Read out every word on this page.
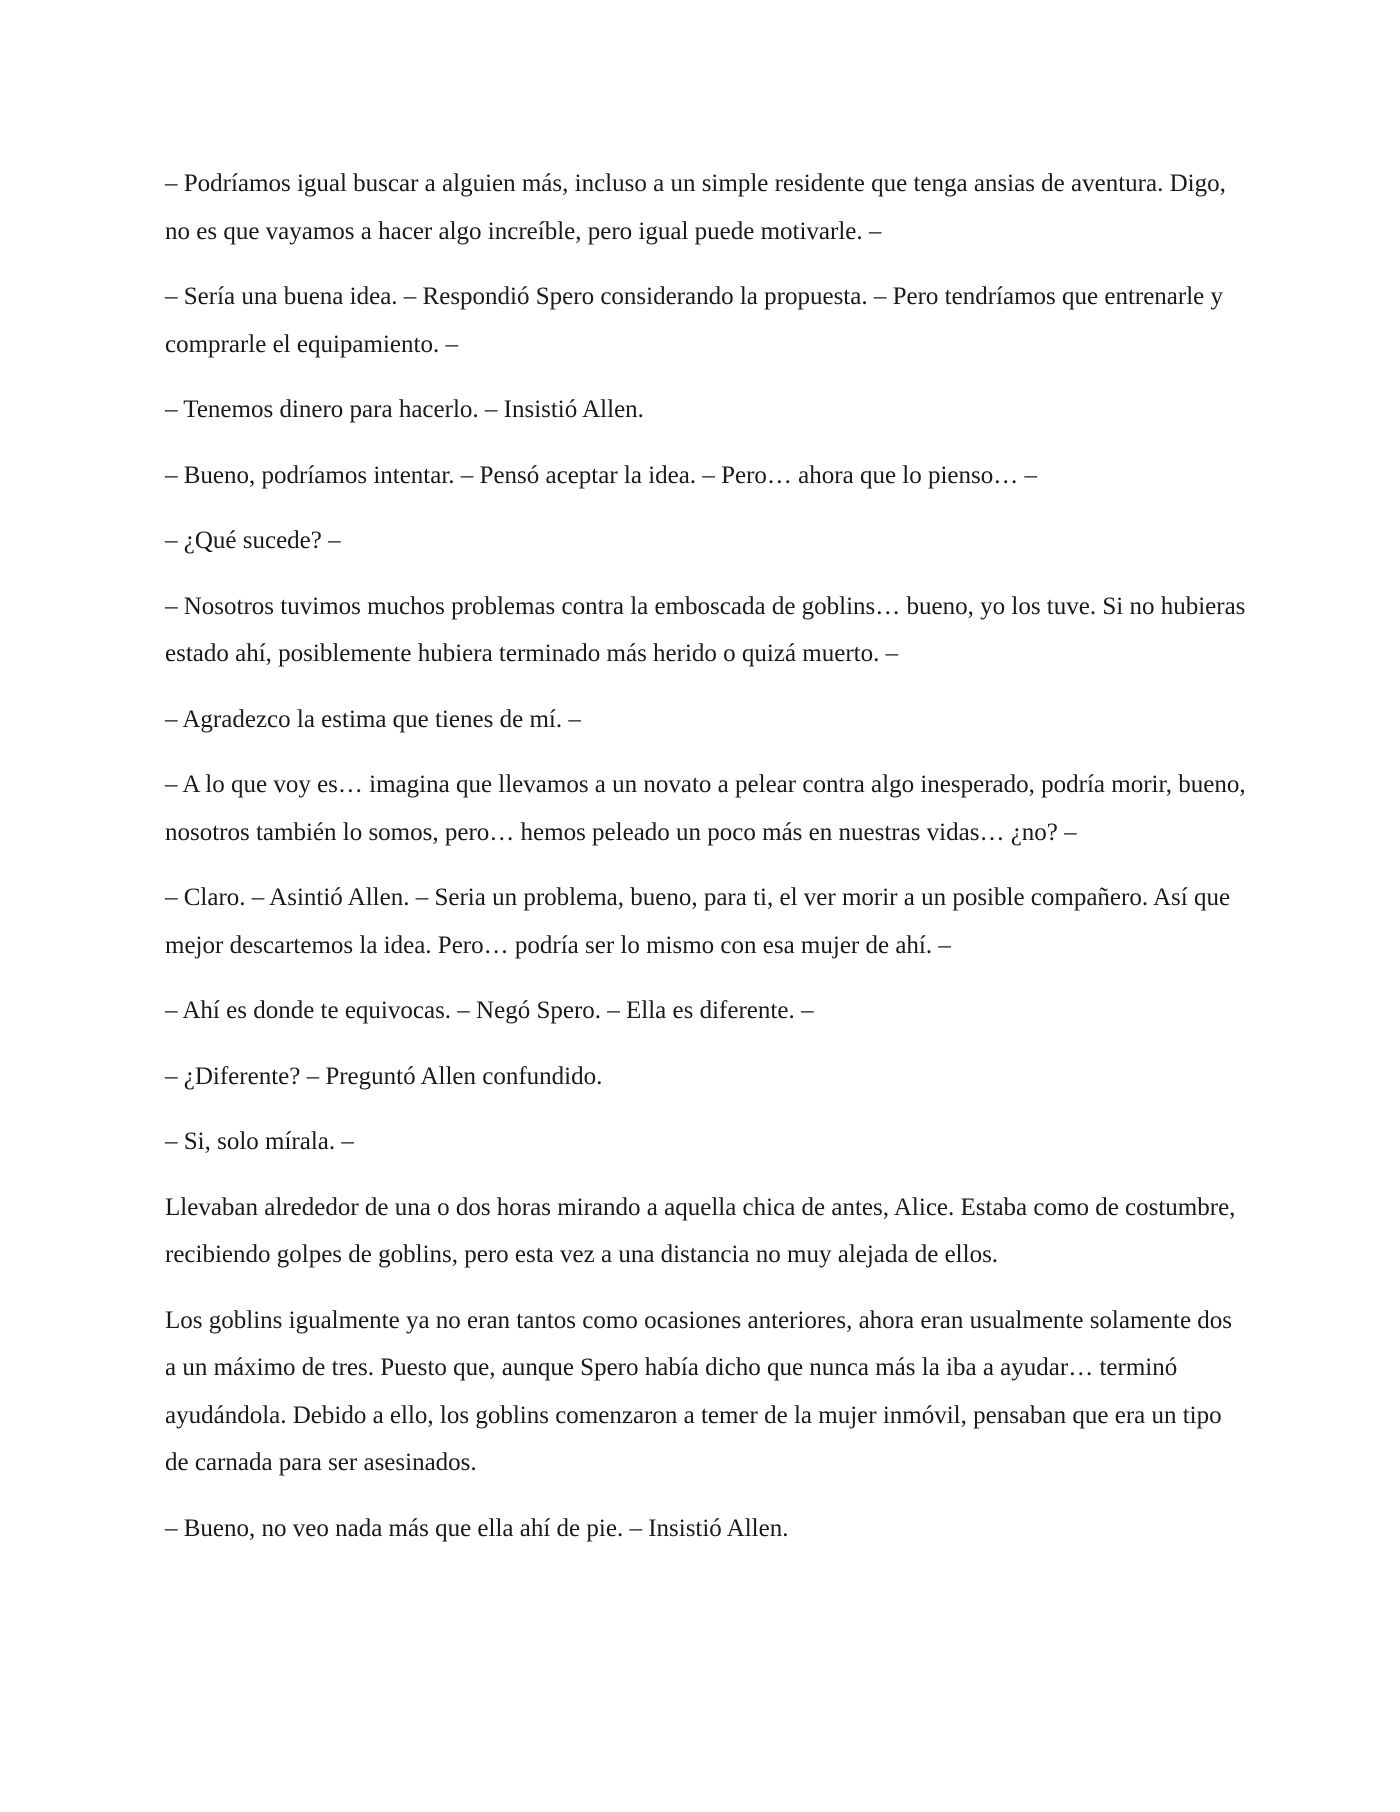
– Podríamos igual buscar a alguien más, incluso a un simple residente que tenga ansias de aventura. Digo, no es que vayamos a hacer algo increíble, pero igual puede motivarle. –

– Sería una buena idea. – Respondió Spero considerando la propuesta. – Pero tendríamos que entrenarle y comprarle el equipamiento. –

– Tenemos dinero para hacerlo. – Insistió Allen.

– Bueno, podríamos intentar. – Pensó aceptar la idea. – Pero… ahora que lo pienso… –

– ¿Qué sucede? –

– Nosotros tuvimos muchos problemas contra la emboscada de goblins… bueno, yo los tuve. Si no hubieras estado ahí, posiblemente hubiera terminado más herido o quizá muerto. –

– Agradezco la estima que tienes de mí. –

– A lo que voy es… imagina que llevamos a un novato a pelear contra algo inesperado, podría morir, bueno, nosotros también lo somos, pero… hemos peleado un poco más en nuestras vidas… ¿no? –

– Claro. – Asintió Allen. – Seria un problema, bueno, para ti, el ver morir a un posible compañero. Así que mejor descartemos la idea. Pero… podría ser lo mismo con esa mujer de ahí. –

– Ahí es donde te equivocas. – Negó Spero. – Ella es diferente. –

– ¿Diferente? – Preguntó Allen confundido.

– Si, solo mírala. –

Llevaban alrededor de una o dos horas mirando a aquella chica de antes, Alice. Estaba como de costumbre, recibiendo golpes de goblins, pero esta vez a una distancia no muy alejada de ellos.

Los goblins igualmente ya no eran tantos como ocasiones anteriores, ahora eran usualmente solamente dos a un máximo de tres. Puesto que, aunque Spero había dicho que nunca más la iba a ayudar… terminó ayudándola. Debido a ello, los goblins comenzaron a temer de la mujer inmóvil, pensaban que era un tipo de carnada para ser asesinados.

– Bueno, no veo nada más que ella ahí de pie. – Insistió Allen.
